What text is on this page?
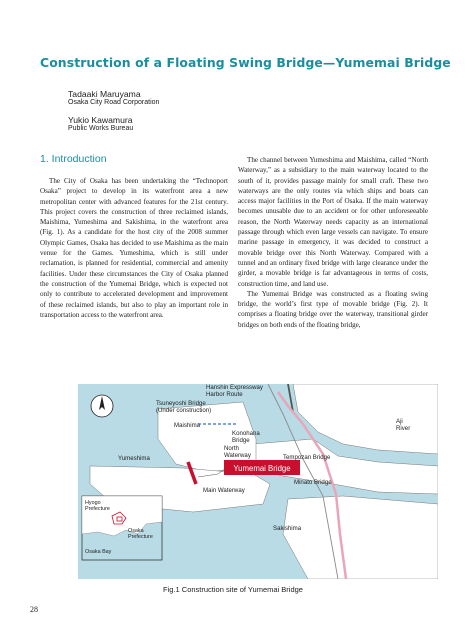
Construction of a Floating Swing Bridge—Yumemai Bridge
Tadaaki Maruyama
Osaka City Road Corporation
Yukio Kawamura
Public Works Bureau
1. Introduction

The City of Osaka has been undertaking the “Technoport Osaka” project to develop in its waterfront area a new metropolitan center with advanced features for the 21st century. This project covers the construction of three reclaimed islands, Maishima, Yumeshima and Sakishima, in the waterfront area (Fig. 1). As a candidate for the host city of the 2008 summer Olympic Games, Osaka has decided to use Maishima as the main venue for the Games. Yumeshima, which is still under reclamation, is planned for residential, commercial and amenity facilities. Under these circumstances the City of Osaka planned the construction of the Yumemai Bridge, which is expected not only to contribute to accelerated development and improvement of these reclaimed islands, but also to play an important role in transportation access to the waterfront area.

The channel between Yumeshima and Maishima, called “North Waterway,” as a subsidiary to the main waterway located to the south of it, provides passage mainly for small craft. These two waterways are the only routes via which ships and boats can access major facilities in the Port of Osaka. If the main waterway becomes unusable due to an accident or for other unforeseeable reason, the North Waterway needs capacity as an international passage through which even large vessels can navigate. To ensure marine passage in emergency, it was decided to construct a movable bridge over this North Waterway. Compared with a tunnel and an ordinary fixed bridge with large clearance under the girder, a movable bridge is far advantageous in terms of costs, construction time, and land use.

The Yumemai Bridge was constructed as a floating swing bridge, the world’s first type of movable bridge (Fig. 2). It comprises a floating bridge over the waterway, transitional girder bridges on both ends of the floating bridge,

Yumemai Bridge
Hanshin Expressway
Harbor Route
Tsuneyoshi Bridge
(Under construction)
Maishima
Konohana
Bridge
Aji
River
Tempozan Bridge
North
Waterway
Yumeshima
Minato Bridge
Main Waterway
Sakishima
Hyogo
Prefecture
Osaka
Prefecture
Osaka Bay
Fig.1 Construction site of Yumemai Bridge
28
